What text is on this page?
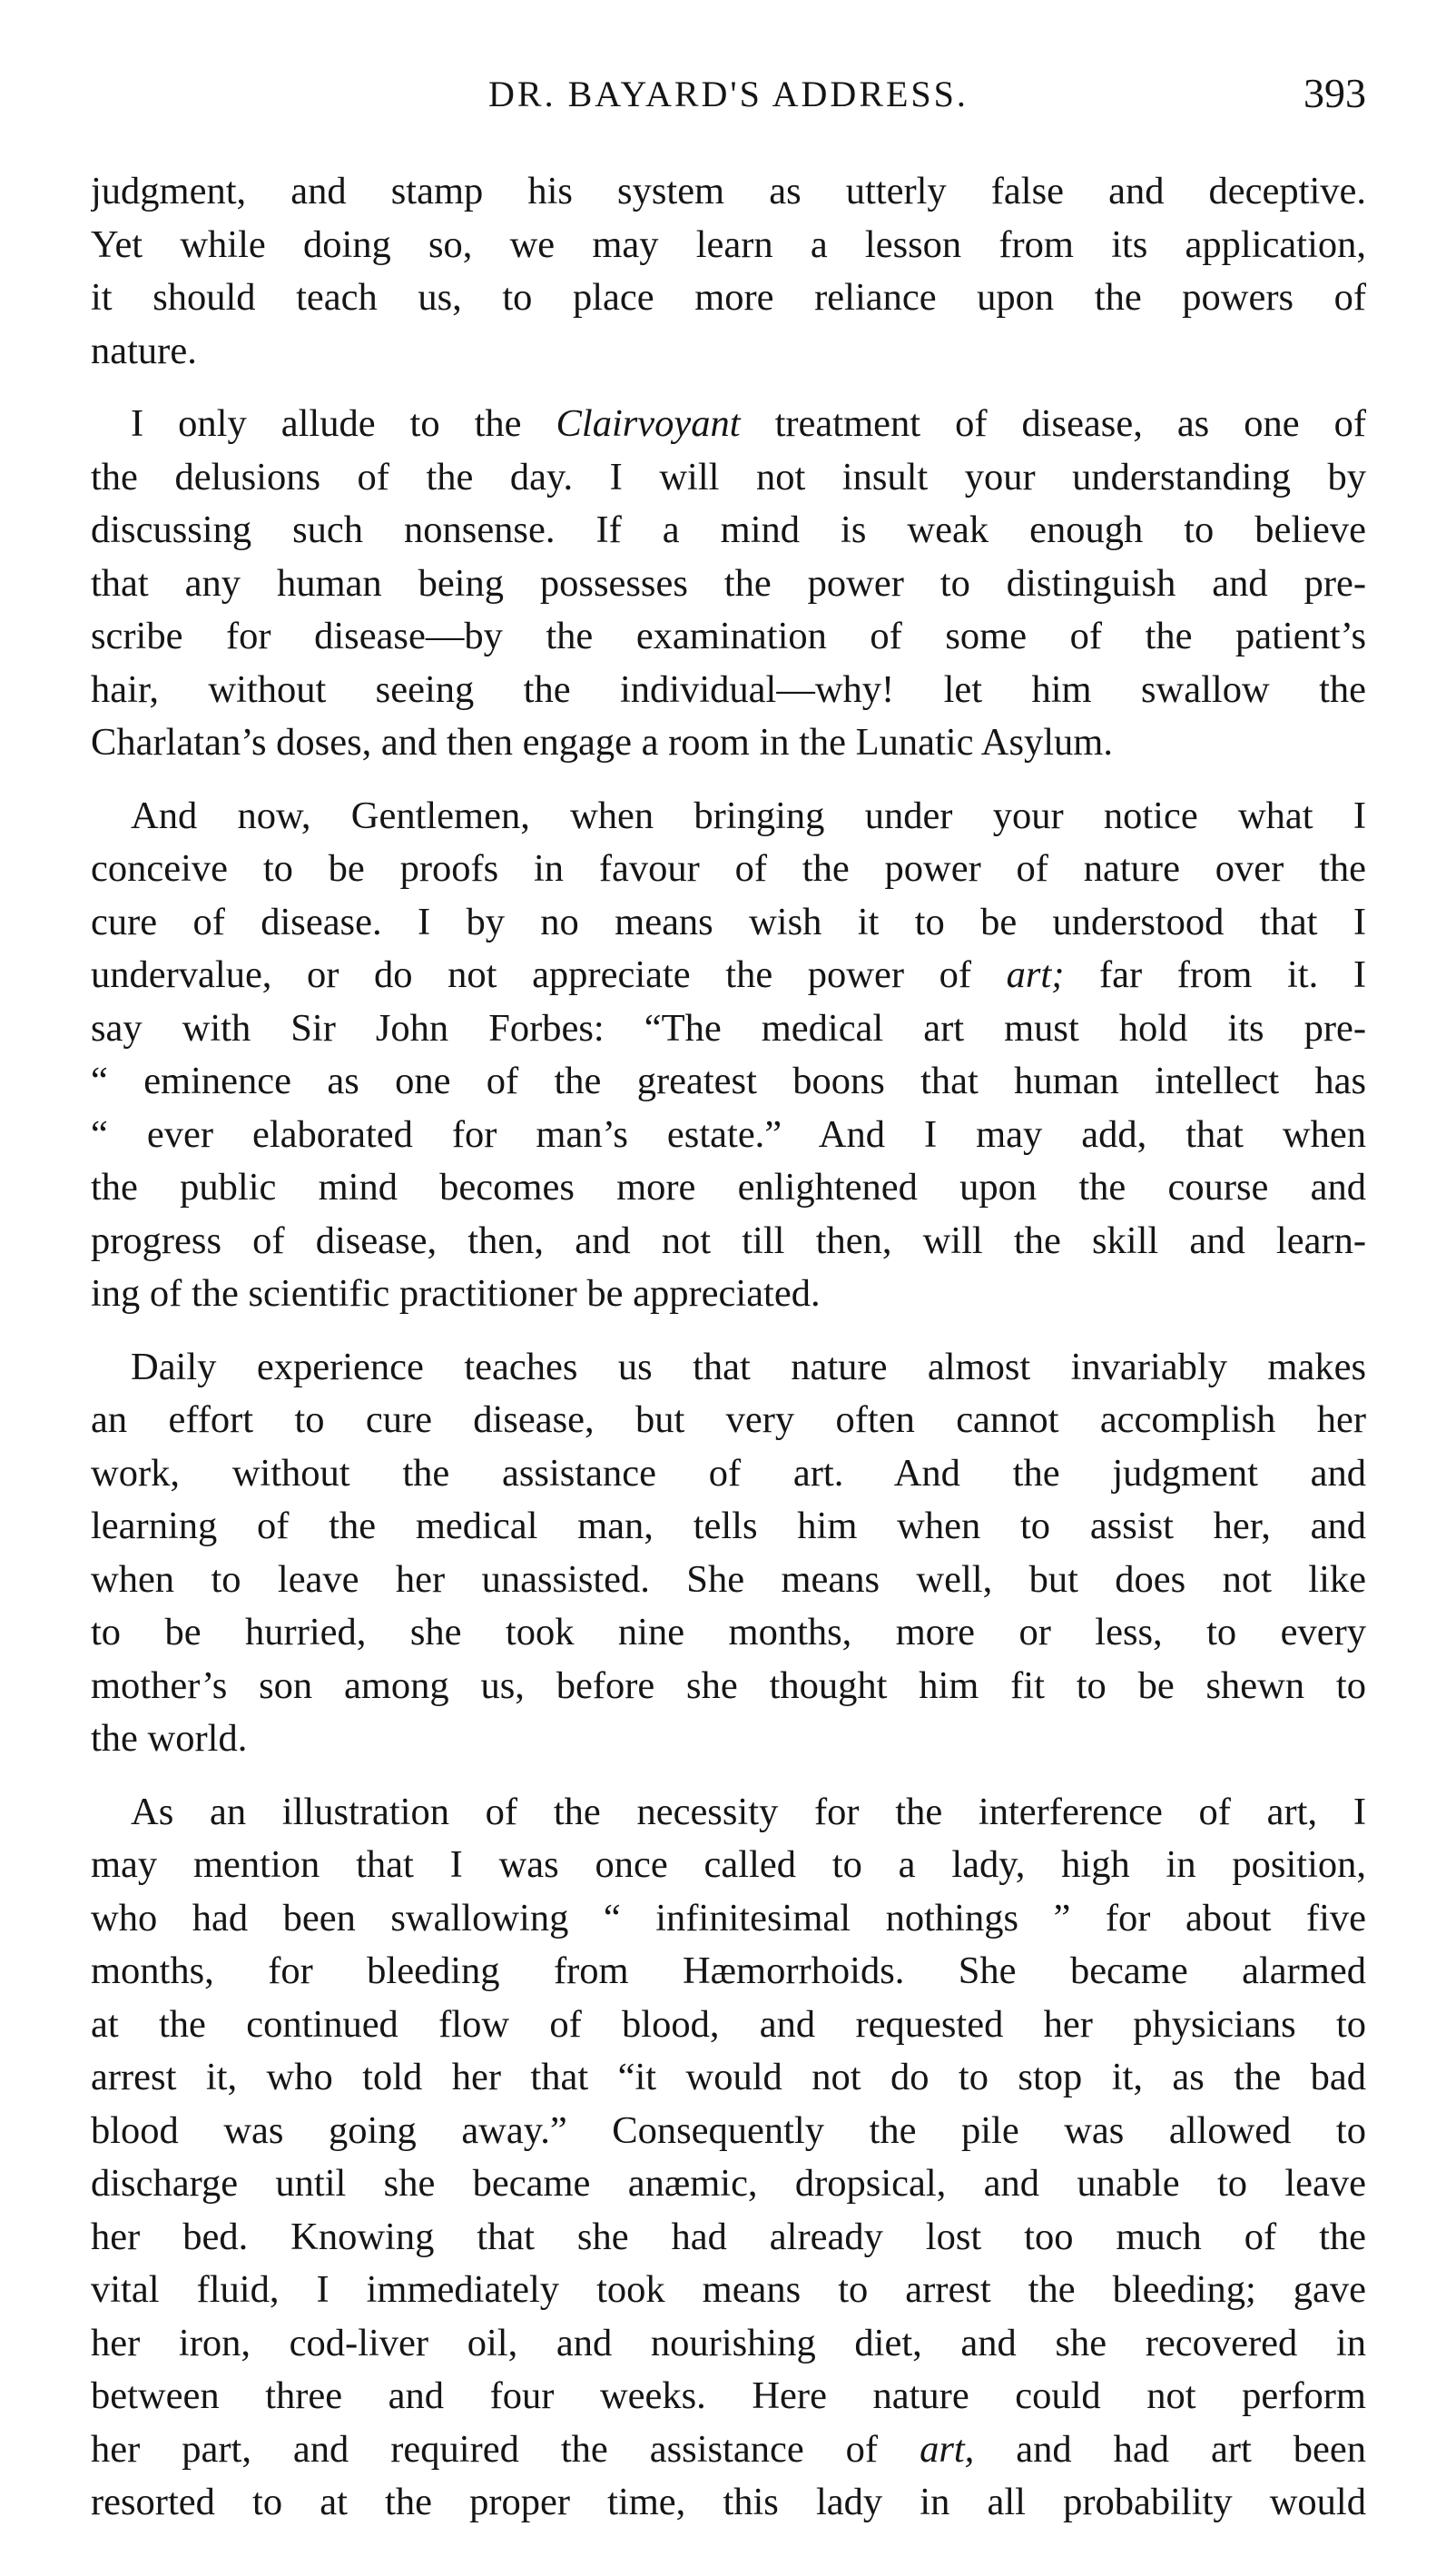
DR. BAYARD'S ADDRESS.	393

judgment, and stamp his system as utterly false and deceptive.
Yet while doing so, we may learn a lesson from its application,
it should teach us, to place more reliance upon the powers of
nature.

I only allude to the Clairvoyant treatment of disease, as one of
the delusions of the day. I will not insult your understanding by
discussing such nonsense. If a mind is weak enough to believe
that any human being possesses the power to distinguish and pre-
scribe for disease—by the examination of some of the patient’s
hair, without seeing the individual—why! let him swallow the
Charlatan’s doses, and then engage a room in the Lunatic Asylum.

And now, Gentlemen, when bringing under your notice what I
conceive to be proofs in favour of the power of nature over the
cure of disease. I by no means wish it to be understood that I
undervalue, or do not appreciate the power of art; far from it. I
say with Sir John Forbes: “The medical art must hold its pre-
“ eminence as one of the greatest boons that human intellect has
“ ever elaborated for man’s estate.” And I may add, that when
the public mind becomes more enlightened upon the course and
progress of disease, then, and not till then, will the skill and learn-
ing of the scientific practitioner be appreciated.

Daily experience teaches us that nature almost invariably makes
an effort to cure disease, but very often cannot accomplish her
work, without the assistance of art. And the judgment and
learning of the medical man, tells him when to assist her, and
when to leave her unassisted. She means well, but does not like
to be hurried, she took nine months, more or less, to every
mother’s son among us, before she thought him fit to be shewn to
the world.

As an illustration of the necessity for the interference of art, I
may mention that I was once called to a lady, high in position,
who had been swallowing “ infinitesimal nothings ” for about five
months, for bleeding from Hæmorrhoids. She became alarmed
at the continued flow of blood, and requested her physicians to
arrest it, who told her that “it would not do to stop it, as the bad
blood was going away.” Consequently the pile was allowed to
discharge until she became anæmic, dropsical, and unable to leave
her bed. Knowing that she had already lost too much of the
vital fluid, I immediately took means to arrest the bleeding; gave
her iron, cod-liver oil, and nourishing diet, and she recovered in
between three and four weeks. Here nature could not perform
her part, and required the assistance of art, and had art been
resorted to at the proper time, this lady in all probability would
